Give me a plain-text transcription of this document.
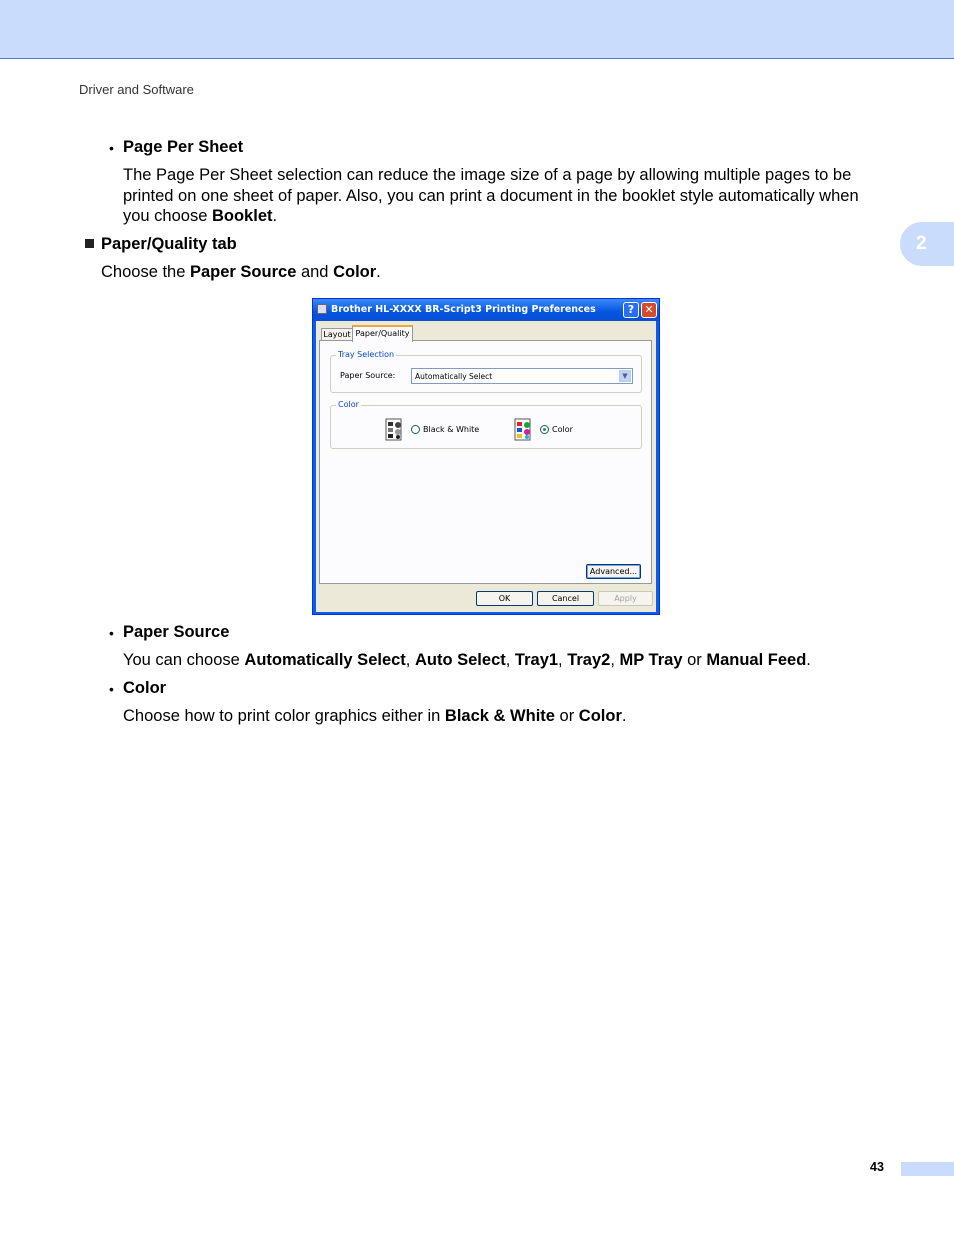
Driver and Software
2
• Page Per Sheet
The Page Per Sheet selection can reduce the image size of a page by allowing multiple pages to be
printed on one sheet of paper. Also, you can print a document in the booklet style automatically when
you choose Booklet.
Paper/Quality tab
Choose the Paper Source and Color.
Brother HL-XXXX BR-Script3 Printing Preferences	? ✕
Layout
Tray Selection
Paper Source:	Automatically Select	▼
Color
Black & White	Color
Advanced...
Paper/Quality
OK	Cancel	Apply
• Paper Source
You can choose Automatically Select, Auto Select, Tray1, Tray2, MP Tray or Manual Feed.
• Color
Choose how to print color graphics either in Black & White or Color.
43
